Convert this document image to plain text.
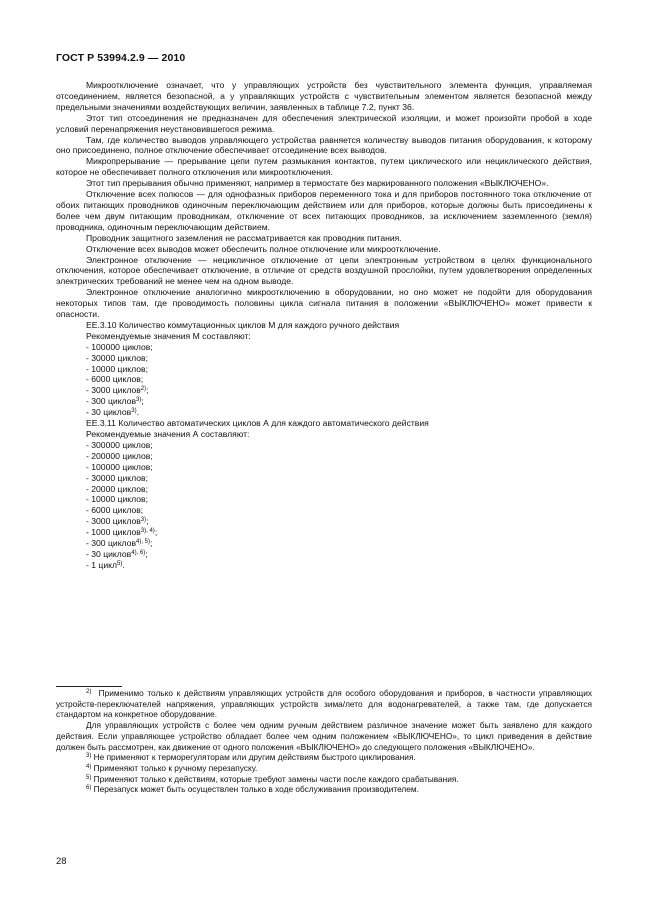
ГОСТ Р 53994.2.9 — 2010

Микроотключение означает, что у управляющих устройств без чувствительного элемента функция, управляемая отсоединением, является безопасной, а у управляющих устройств с чувствительным элементом является безопасной между предельными значениями воздействующих величин, заявленных в таблице 7.2, пункт 36.

Этот тип отсоединения не предназначен для обеспечения электрической изоляции, и может произойти пробой в ходе условий перенапряжения неустановившегося режима.

Там, где количество выводов управляющего устройства равняется количеству выводов питания оборудования, к которому оно присоединено, полное отключение обеспечивает отсоединение всех выводов.

Микропрерывание — прерывание цепи путем размыкания контактов, путем циклического или нециклического действия, которое не обеспечивает полного отключения или микроотключения.

Этот тип прерывания обычно применяют, например в термостате без маркированного положения «ВЫКЛЮЧЕНО».

Отключение всех полюсов — для однофазных приборов переменного тока и для приборов постоянного тока отключение от обоих питающих проводников одиночным переключающим действием или для приборов, которые должны быть присоединены к более чем двум питающим проводникам, отключение от всех питающих проводников, за исключением заземленного (земля) проводника, одиночным переключающим действием.

Проводник защитного заземления не рассматривается как проводник питания.

Отключение всех выводов может обеспечить полное отключение или микроотключение.

Электронное отключение — нецикличное отключение от цепи электронным устройством в целях функционального отключения, которое обеспечивает отключение, в отличие от средств воздушной прослойки, путем удовлетворения определенных электрических требований не менее чем на одном выводе.

Электронное отключение аналогично микроотключению в оборудовании, но оно может не подойти для оборудования некоторых типов там, где проводимость половины цикла сигнала питания в положении «ВЫКЛЮЧЕНО» может привести к опасности.

ЕЕ.3.10 Количество коммутационных циклов М для каждого ручного действия

Рекомендуемые значения М составляют:

- 100000 циклов;

- 30000 циклов;

- 10000 циклов;

- 6000 циклов;

- 3000 циклов$^{2)}$;

- 300 циклов$^{3)}$;

- 30 циклов$^{3)}$.

ЕЕ.3.11 Количество автоматических циклов А для каждого автоматического действия

Рекомендуемые значения А составляют:

- 300000 циклов;

- 200000 циклов;

- 100000 циклов;

- 30000 циклов;

- 20000 циклов;

- 10000 циклов;

- 6000 циклов;

- 3000 циклов$^{3)}$;

- 1000 циклов$^{3), 4)}$;

- 300 циклов$^{4), 5)}$;

- 30 циклов$^{4), 6)}$;

- 1 цикл$^{5)}$.

$^{2)}$ Применимо только к действиям управляющих устройств для особого оборудования и приборов, в частности управляющих устройств-переключателей напряжения, управляющих устройств зима/лето для водонагревателей, а также там, где допускается стандартом на конкретное оборудование.

Для управляющих устройств с более чем одним ручным действием различное значение может быть заявлено для каждого действия. Если управляющее устройство обладает более чем одним положением «ВЫКЛЮЧЕНО», то цикл приведения в действие должен быть рассмотрен, как движение от одного положения «ВЫКЛЮЧЕНО» до следующего положения «ВЫКЛЮЧЕНО».

$^{3)}$ Не применяют к терморегуляторам или другим действиям быстрого циклирования.

$^{4)}$ Применяют только к ручному перезапуску.

$^{5)}$ Применяют только к действиям, которые требуют замены части после каждого срабатывания.

$^{6)}$ Перезапуск может быть осуществлен только в ходе обслуживания производителем.

28
